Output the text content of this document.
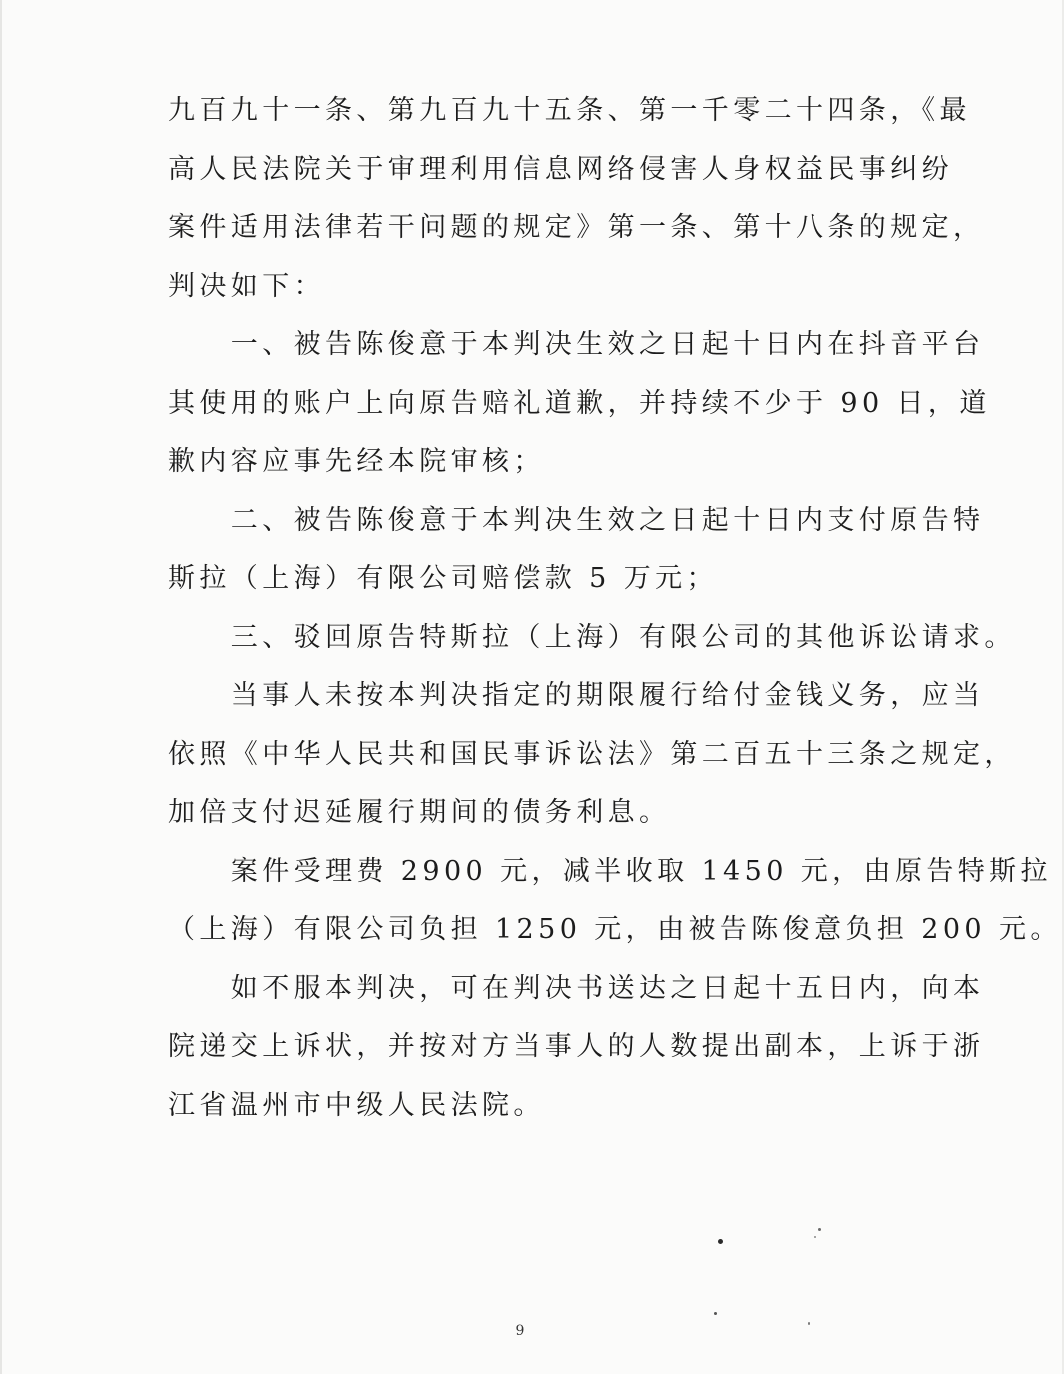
九百九十一条、第九百九十五条、第一千零二十四条，《最
高人民法院关于审理利用信息网络侵害人身权益民事纠纷
案件适用法律若干问题的规定》第一条、第十八条的规定，
判决如下：
　　一、被告陈俊意于本判决生效之日起十日内在抖音平台
其使用的账户上向原告赔礼道歉，并持续不少于 90 日，道
歉内容应事先经本院审核；
　　二、被告陈俊意于本判决生效之日起十日内支付原告特
斯拉（上海）有限公司赔偿款 5 万元；
　　三、驳回原告特斯拉（上海）有限公司的其他诉讼请求。
　　当事人未按本判决指定的期限履行给付金钱义务，应当
依照《中华人民共和国民事诉讼法》第二百五十三条之规定，
加倍支付迟延履行期间的债务利息。
　　案件受理费 2900 元，减半收取 1450 元，由原告特斯拉
（上海）有限公司负担 1250 元，由被告陈俊意负担 200 元。
　　如不服本判决，可在判决书送达之日起十五日内，向本
院递交上诉状，并按对方当事人的人数提出副本，上诉于浙
江省温州市中级人民法院。
9
